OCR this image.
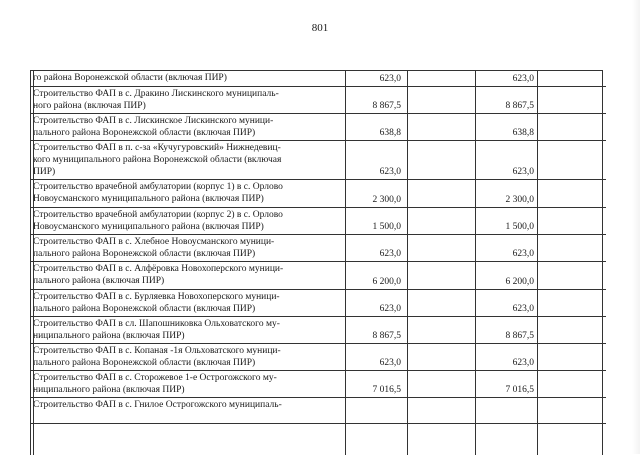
801
го района Воронежской области (включая ПИР)	623,0		623,0	

Строительство ФАП в с. Дракино Лискинского муниципаль-
ного района (включая ПИР)	8 867,5		8 867,5	

Строительство ФАП в с. Лискинское Лискинского муници-
пального района Воронежской области (включая ПИР)	638,8		638,8	

Строительство ФАП в п. с-за «Кучугуровский» Нижнедевиц-
кого муниципального района Воронежской области (включая
ПИР)	623,0		623,0	

Строительство врачебной амбулатории (корпус 1) в с. Орлово
Новоусманского муниципального района (включая ПИР)	2 300,0		2 300,0	

Строительство врачебной амбулатории (корпус 2) в с. Орлово
Новоусманского муниципального района (включая ПИР)	1 500,0		1 500,0	

Строительство ФАП в с. Хлебное Новоусманского муници-
пального района Воронежской области (включая ПИР)	623,0		623,0	

Строительство ФАП в с. Алфёровка Новохоперского муници-
пального района (включая ПИР)	6 200,0		6 200,0	

Строительство ФАП в с. Бурляевка Новохоперского муници-
пального района Воронежской области (включая ПИР)	623,0		623,0	

Строительство ФАП в сл. Шапошниковка Ольховатского му-
ниципального района (включая ПИР)	8 867,5		8 867,5	

Строительство ФАП в с. Копаная -1я Ольховатского муници-
пального района Воронежской области (включая ПИР)	623,0		623,0	

Строительство ФАП в с. Сторожевое 1-е Острогожского му-
ниципального района (включая ПИР)	7 016,5		7 016,5	

Строительство ФАП в с. Гнилое Острогожского муниципаль-				
